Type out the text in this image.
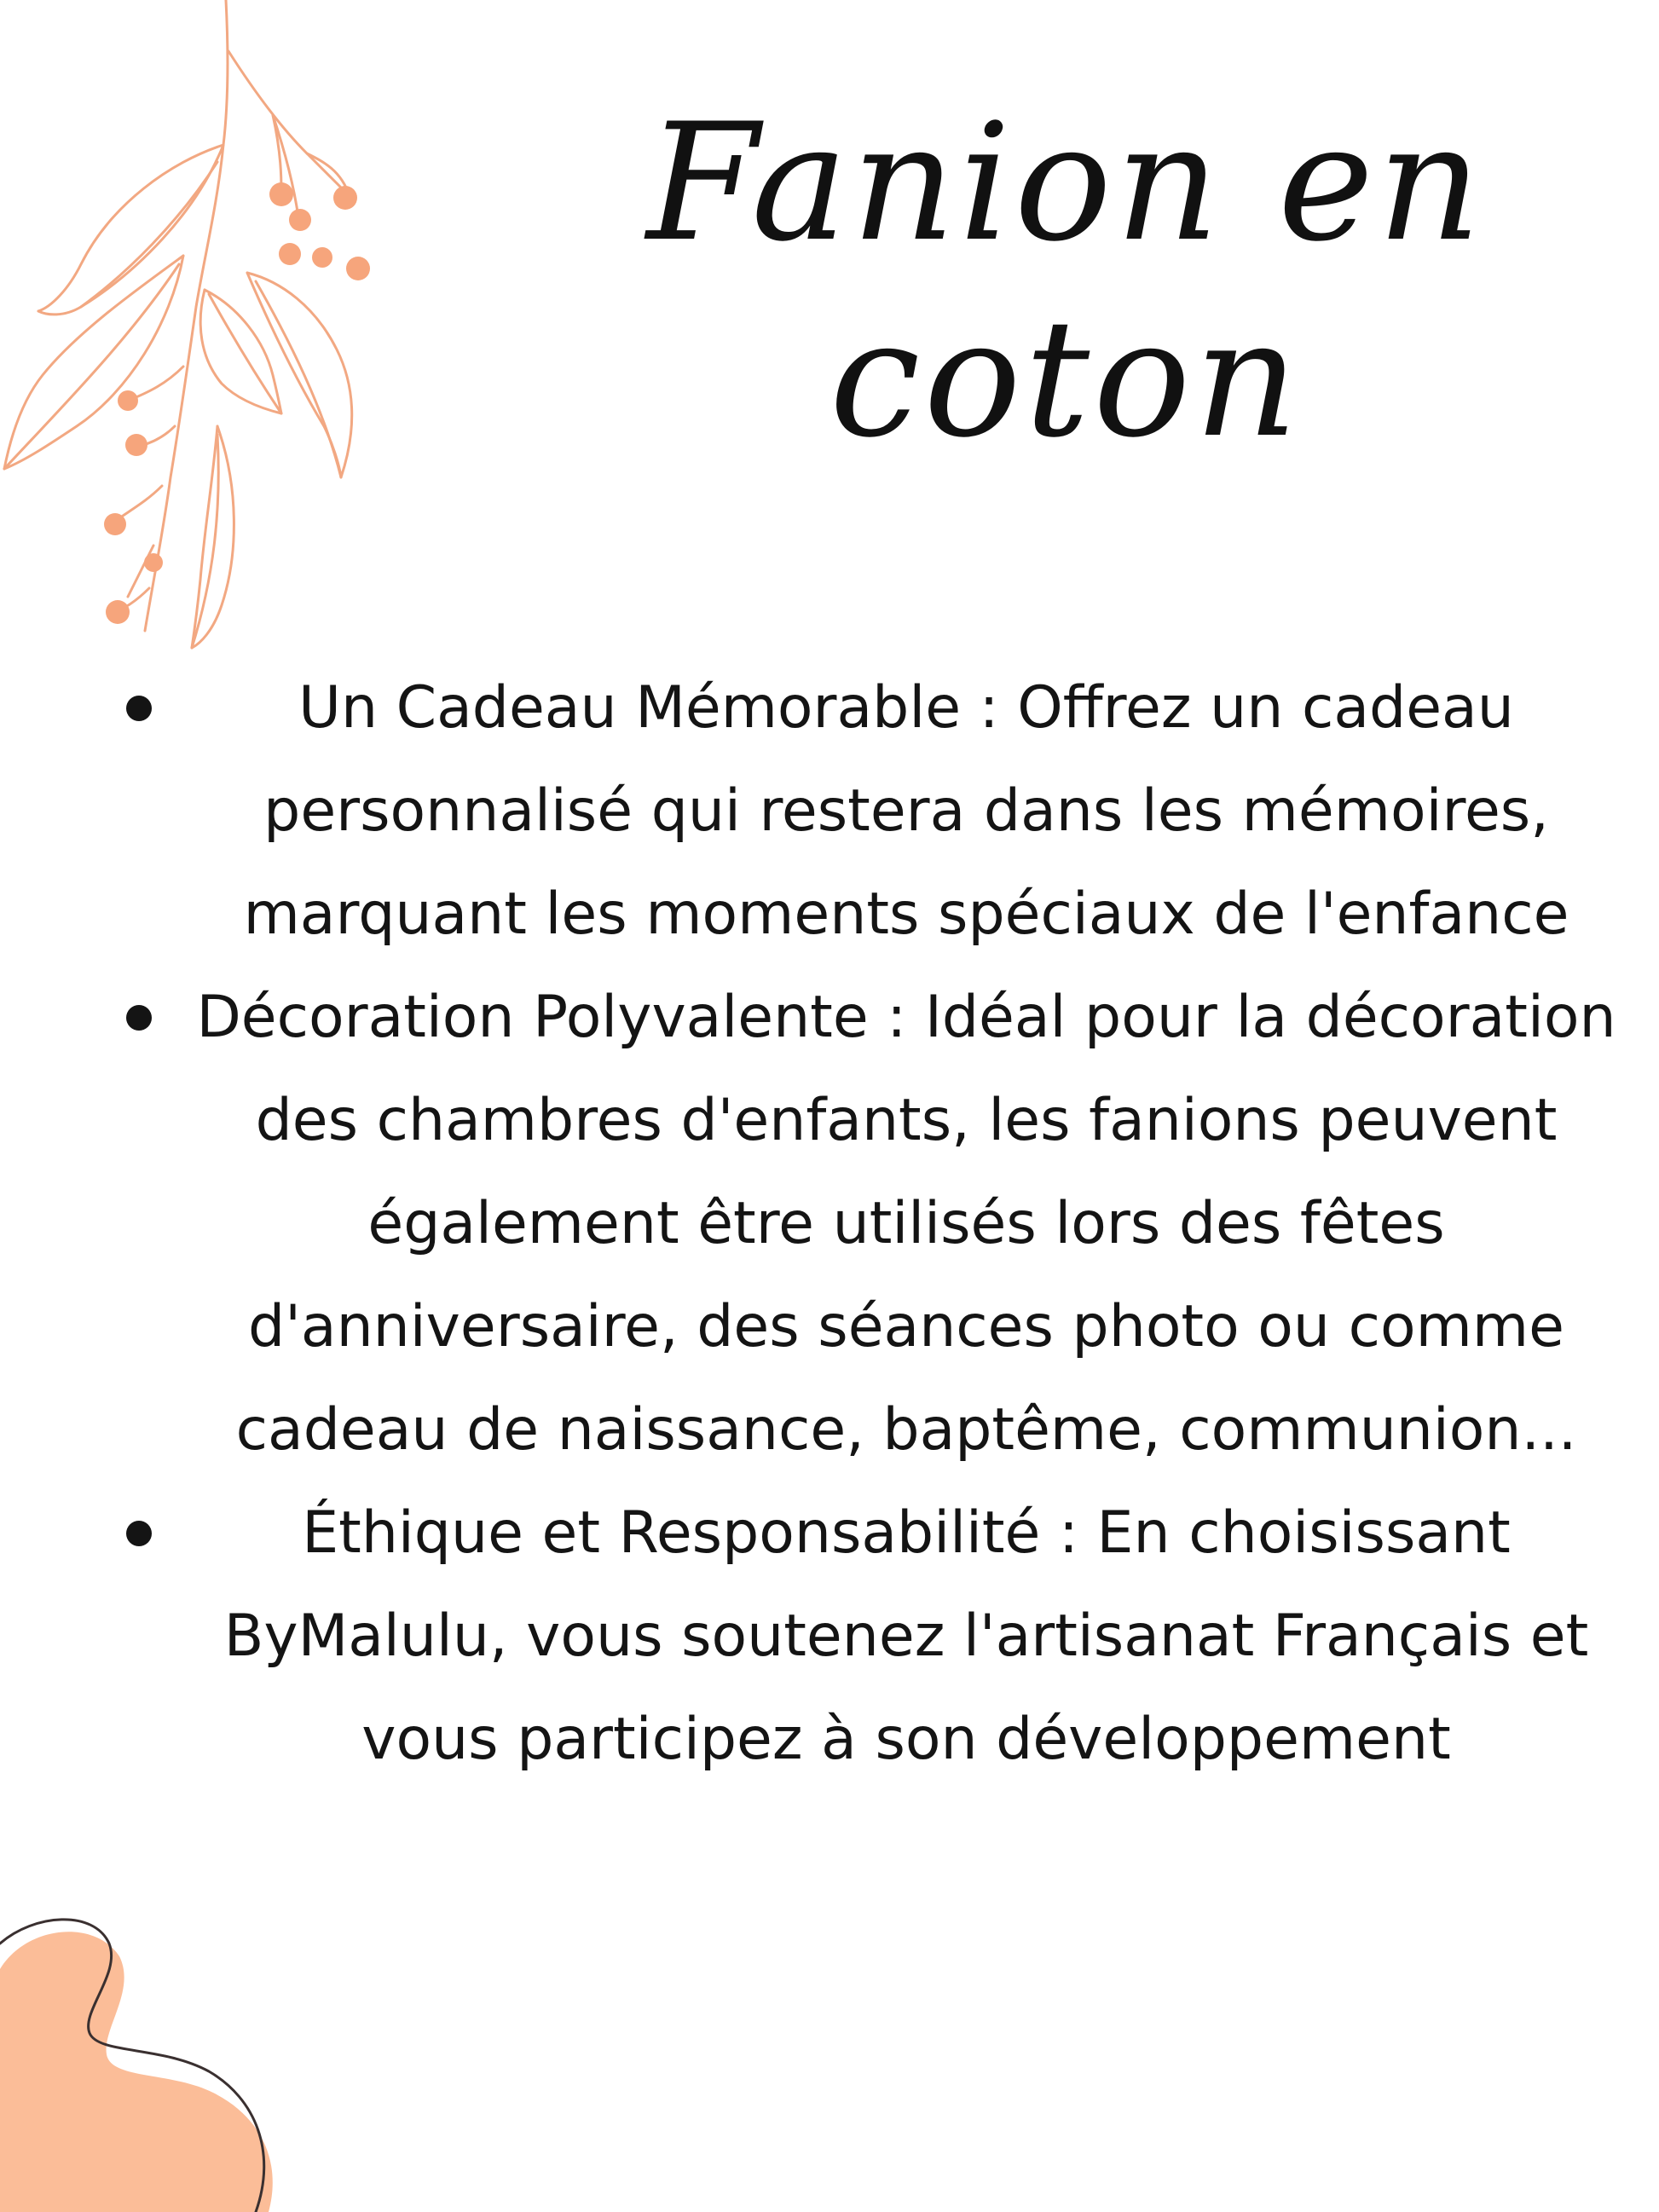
Fanion en
coton
Un Cadeau Mémorable : Offrez un cadeau personnalisé qui restera dans les mémoires, marquant les moments spéciaux de l'enfance
Décoration Polyvalente : Idéal pour la décoration des chambres d'enfants, les fanions peuvent également être utilisés lors des fêtes d'anniversaire, des séances photo ou comme cadeau de naissance, baptême, communion...
Éthique et Responsabilité : En choisissant ByMalulu, vous soutenez l'artisanat Français et vous participez à son développement
